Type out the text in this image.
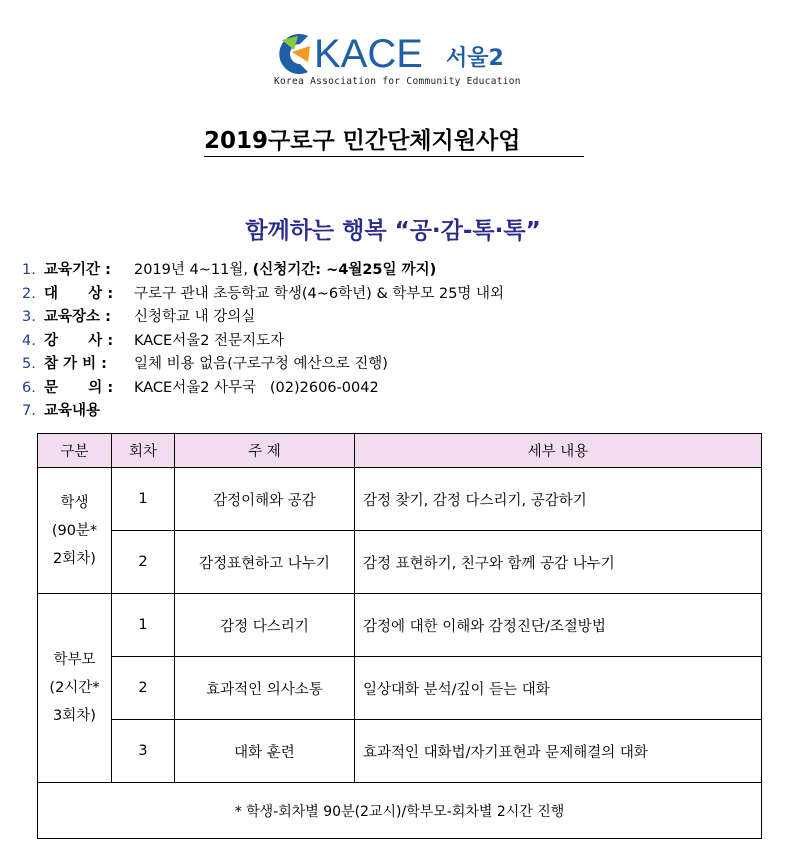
KACE 서울2
Korea Association for Community Education
2019구로구 민간단체지원사업
함께하는 행복 “공·감-톡·톡”
1. 교육기간 : 2019년 4~11월, (신청기간: ~4월25일 까지)
2. 대      상 : 구로구 관내 초등학교 학생(4~6학년) & 학부모 25명 내외
3. 교육장소 : 신청학교 내 강의실
4. 강      사 : KACE서울2 전문지도자
5. 참 가 비 : 일체 비용 없음(구로구청 예산으로 진행)
6. 문      의 : KACE서울2 사무국   (02)2606-0042
7. 교육내용
구분	회차	주 제	세부 내용

학생
(90분*
2회차)	1	감정이해와 공감	감정 찾기, 감정 다스리기, 공감하기
	2	감정표현하고 나누기	감정 표현하기, 친구와 함께 공감 나누기

학부모
(2시간*
3회차)	1	감정 다스리기	감정에 대한 이해와 감정진단/조절방법
	2	효과적인 의사소통	일상대화 분석/깊이 듣는 대화
	3	대화 훈련	효과적인 대화법/자기표현과 문제해결의 대화
* 학생-회차별 90분(2교시)/학부모-회차별 2시간 진행			
